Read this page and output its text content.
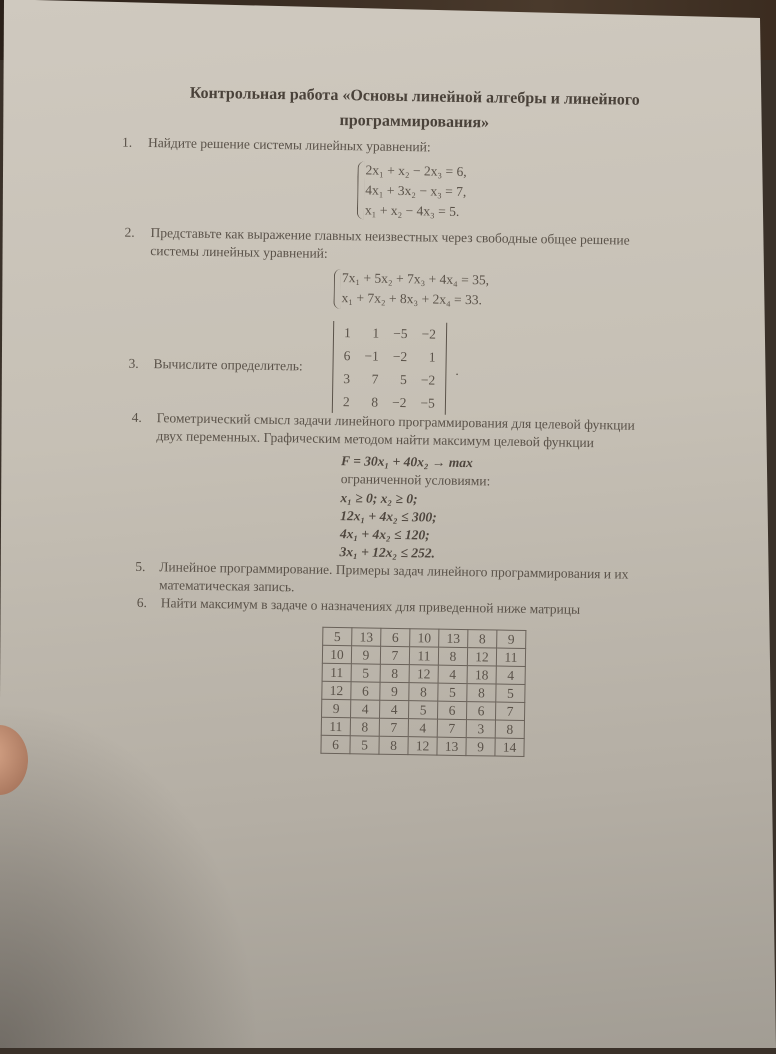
Контрольная работа «Основы линейной алгебры и линейного
программирования»
1. Найдите решение системы линейных уравнений:
2x₁ + x₂ − 2x₃ = 6,
4x₁ + 3x₂ − x₃ = 7,
x₁ + x₂ − 4x₃ = 5.
2. Представьте как выражение главных неизвестных через свободные общее решение
системы линейных уравнений:
7x₁ + 5x₂ + 7x₃ + 4x₄ = 35,
x₁ + 7x₂ + 8x₃ + 2x₄ = 33.
3. Вычислите определитель:
1	1	−5	−2
6	−1	−2	1
3	7	5	−2
2	8	−2	−5
.
4. Геометрический смысл задачи линейного программирования для целевой функции
двух переменных. Графическим методом найти максимум целевой функции
F = 30x₁ + 40x₂ → max
ограниченной условиями:
x₁ ≥ 0; x₂ ≥ 0;
12x₁ + 4x₂ ≤ 300;
4x₁ + 4x₂ ≤ 120;
3x₁ + 12x₂ ≤ 252.
5. Линейное программирование. Примеры задач линейного программирования и их
математическая запись.
6. Найти максимум в задаче о назначениях для приведенной ниже матрицы
5	13	6	10	13	8	9
10	9	7	11	8	12	11
11	5	8	12	4	18	4
12	6	9	8	5	8	5
9	4	4	5	6	6	7
11	8	7	4	7	3	8
6	5	8	12	13	9	14
